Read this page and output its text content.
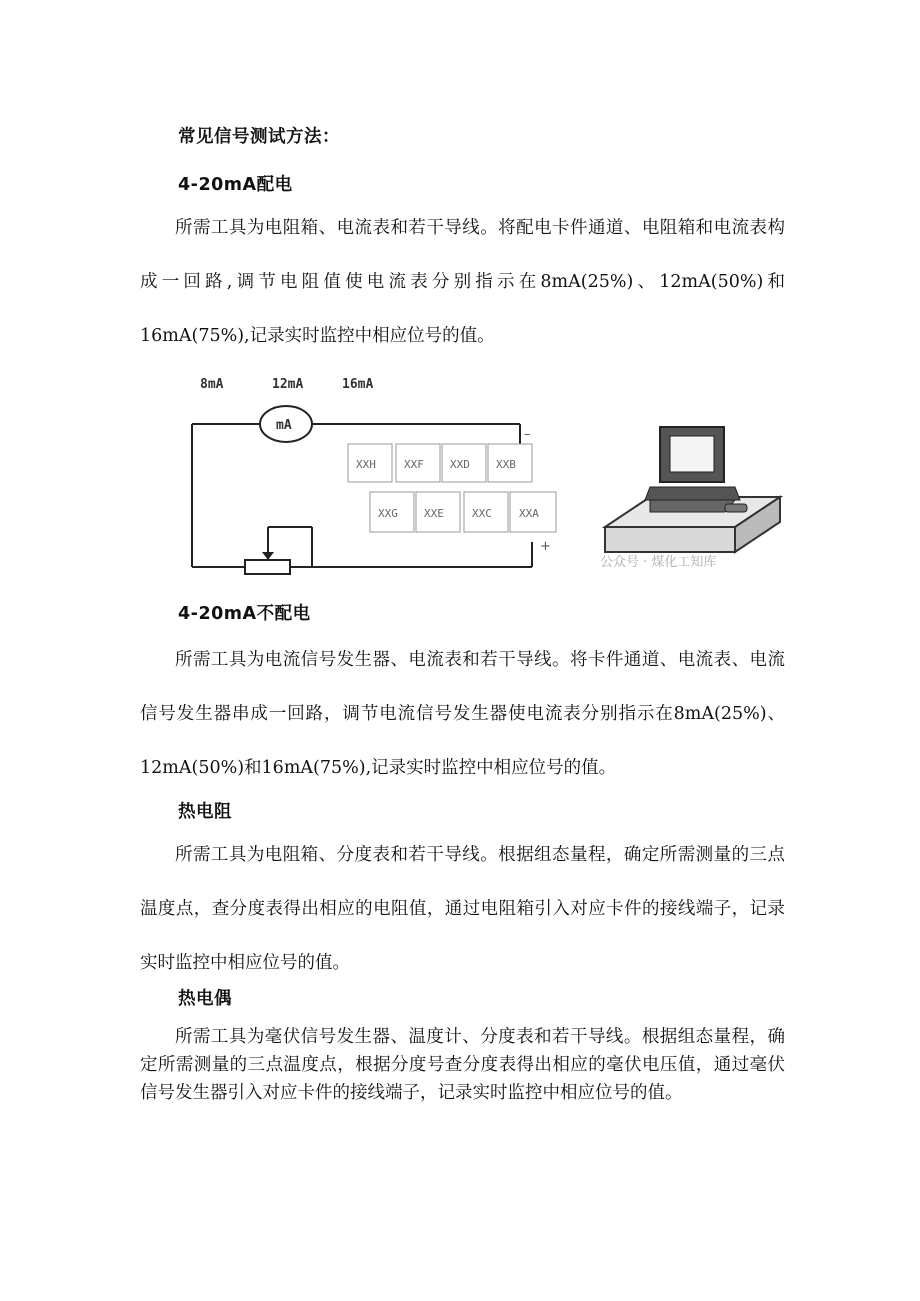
常见信号测试方法：
4-20mA配电

所需工具为电阻箱、电流表和若干导线。将配电卡件通道、电阻箱和电流表构成一回路,调节电阻值使电流表分别指示在8mA(25%)、12mA(50%)和16mA(75%),记录实时监控中相应位号的值。

8mA	12mA	16mA
mA
XXH	XXF XXD XXB
XXG XXE	XXC XXA
–
+
公众号 · 煤化工知库
4-20mA不配电

所需工具为电流信号发生器、电流表和若干导线。将卡件通道、电流表、电流信号发生器串成一回路，调节电流信号发生器使电流表分别指示在8mA(25%)、12mA(50%)和16mA(75%),记录实时监控中相应位号的值。

热电阻

所需工具为电阻箱、分度表和若干导线。根据组态量程，确定所需测量的三点温度点，查分度表得出相应的电阻值，通过电阻箱引入对应卡件的接线端子，记录实时监控中相应位号的值。

热电偶

所需工具为毫伏信号发生器、温度计、分度表和若干导线。根据组态量程，确定所需测量的三点温度点，根据分度号查分度表得出相应的毫伏电压值，通过毫伏信号发生器引入对应卡件的接线端子，记录实时监控中相应位号的值。
